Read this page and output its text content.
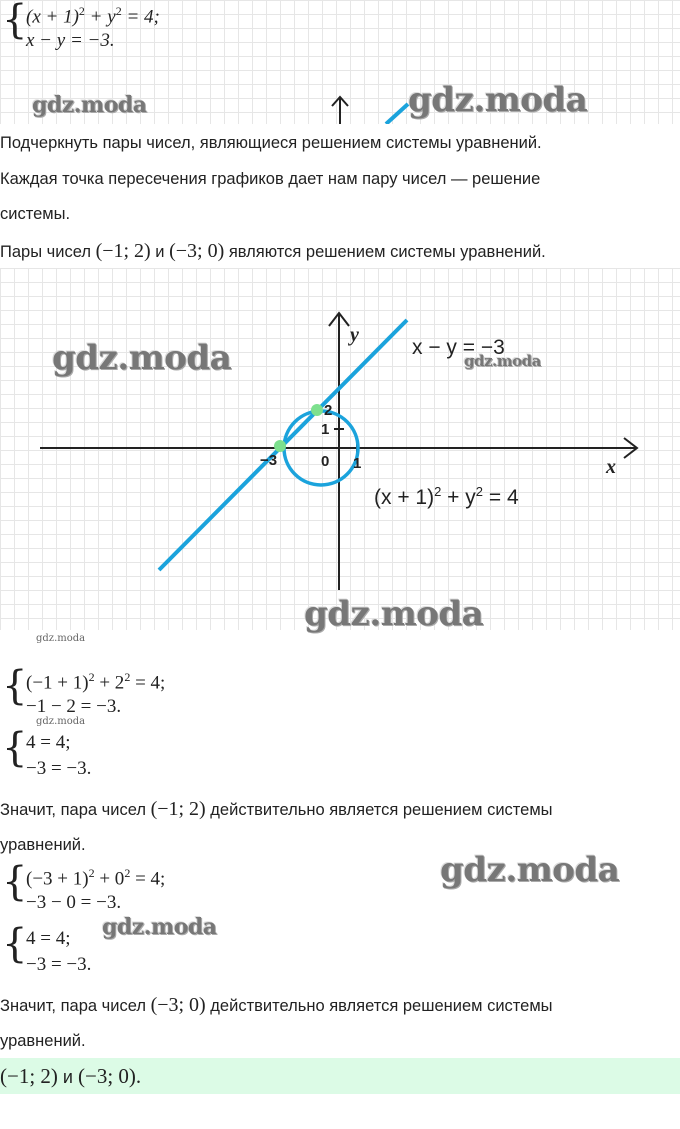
{
$(x + 1)^2 + y^2 = 4$;
x − y = −3.
gdz.moda	gdz.moda
Подчеркнуть пары чисел, являющиеся решением системы уравнений.
Каждая точка пересечения графиков дает нам пару чисел — решение
системы.
Пары чисел (−1; 2) и (−3; 0) являются решением системы уравнений.
y
x
x − y = −3
$(x + 1)^2 + y^2 = 4$
−3	0 1
1
2
gdz.moda	gdz.moda
gdz.moda
gdz.moda
{
$(-1 + 1)^2 + 2^2 = 4$;
−1 − 2 = −3.
gdz.moda
{
4 = 4;
−3 = −3.
Значит, пара чисел (−1; 2) действительно является решением системы
уравнений.
{
$(-3 + 1)^2 + 0^2 = 4$;
−3 − 0 = −3.
gdz.moda
{
4 = 4; gdz.moda
−3 = −3.
Значит, пара чисел (−3; 0) действительно является решением системы
уравнений.
(−1; 2) и (−3; 0).
